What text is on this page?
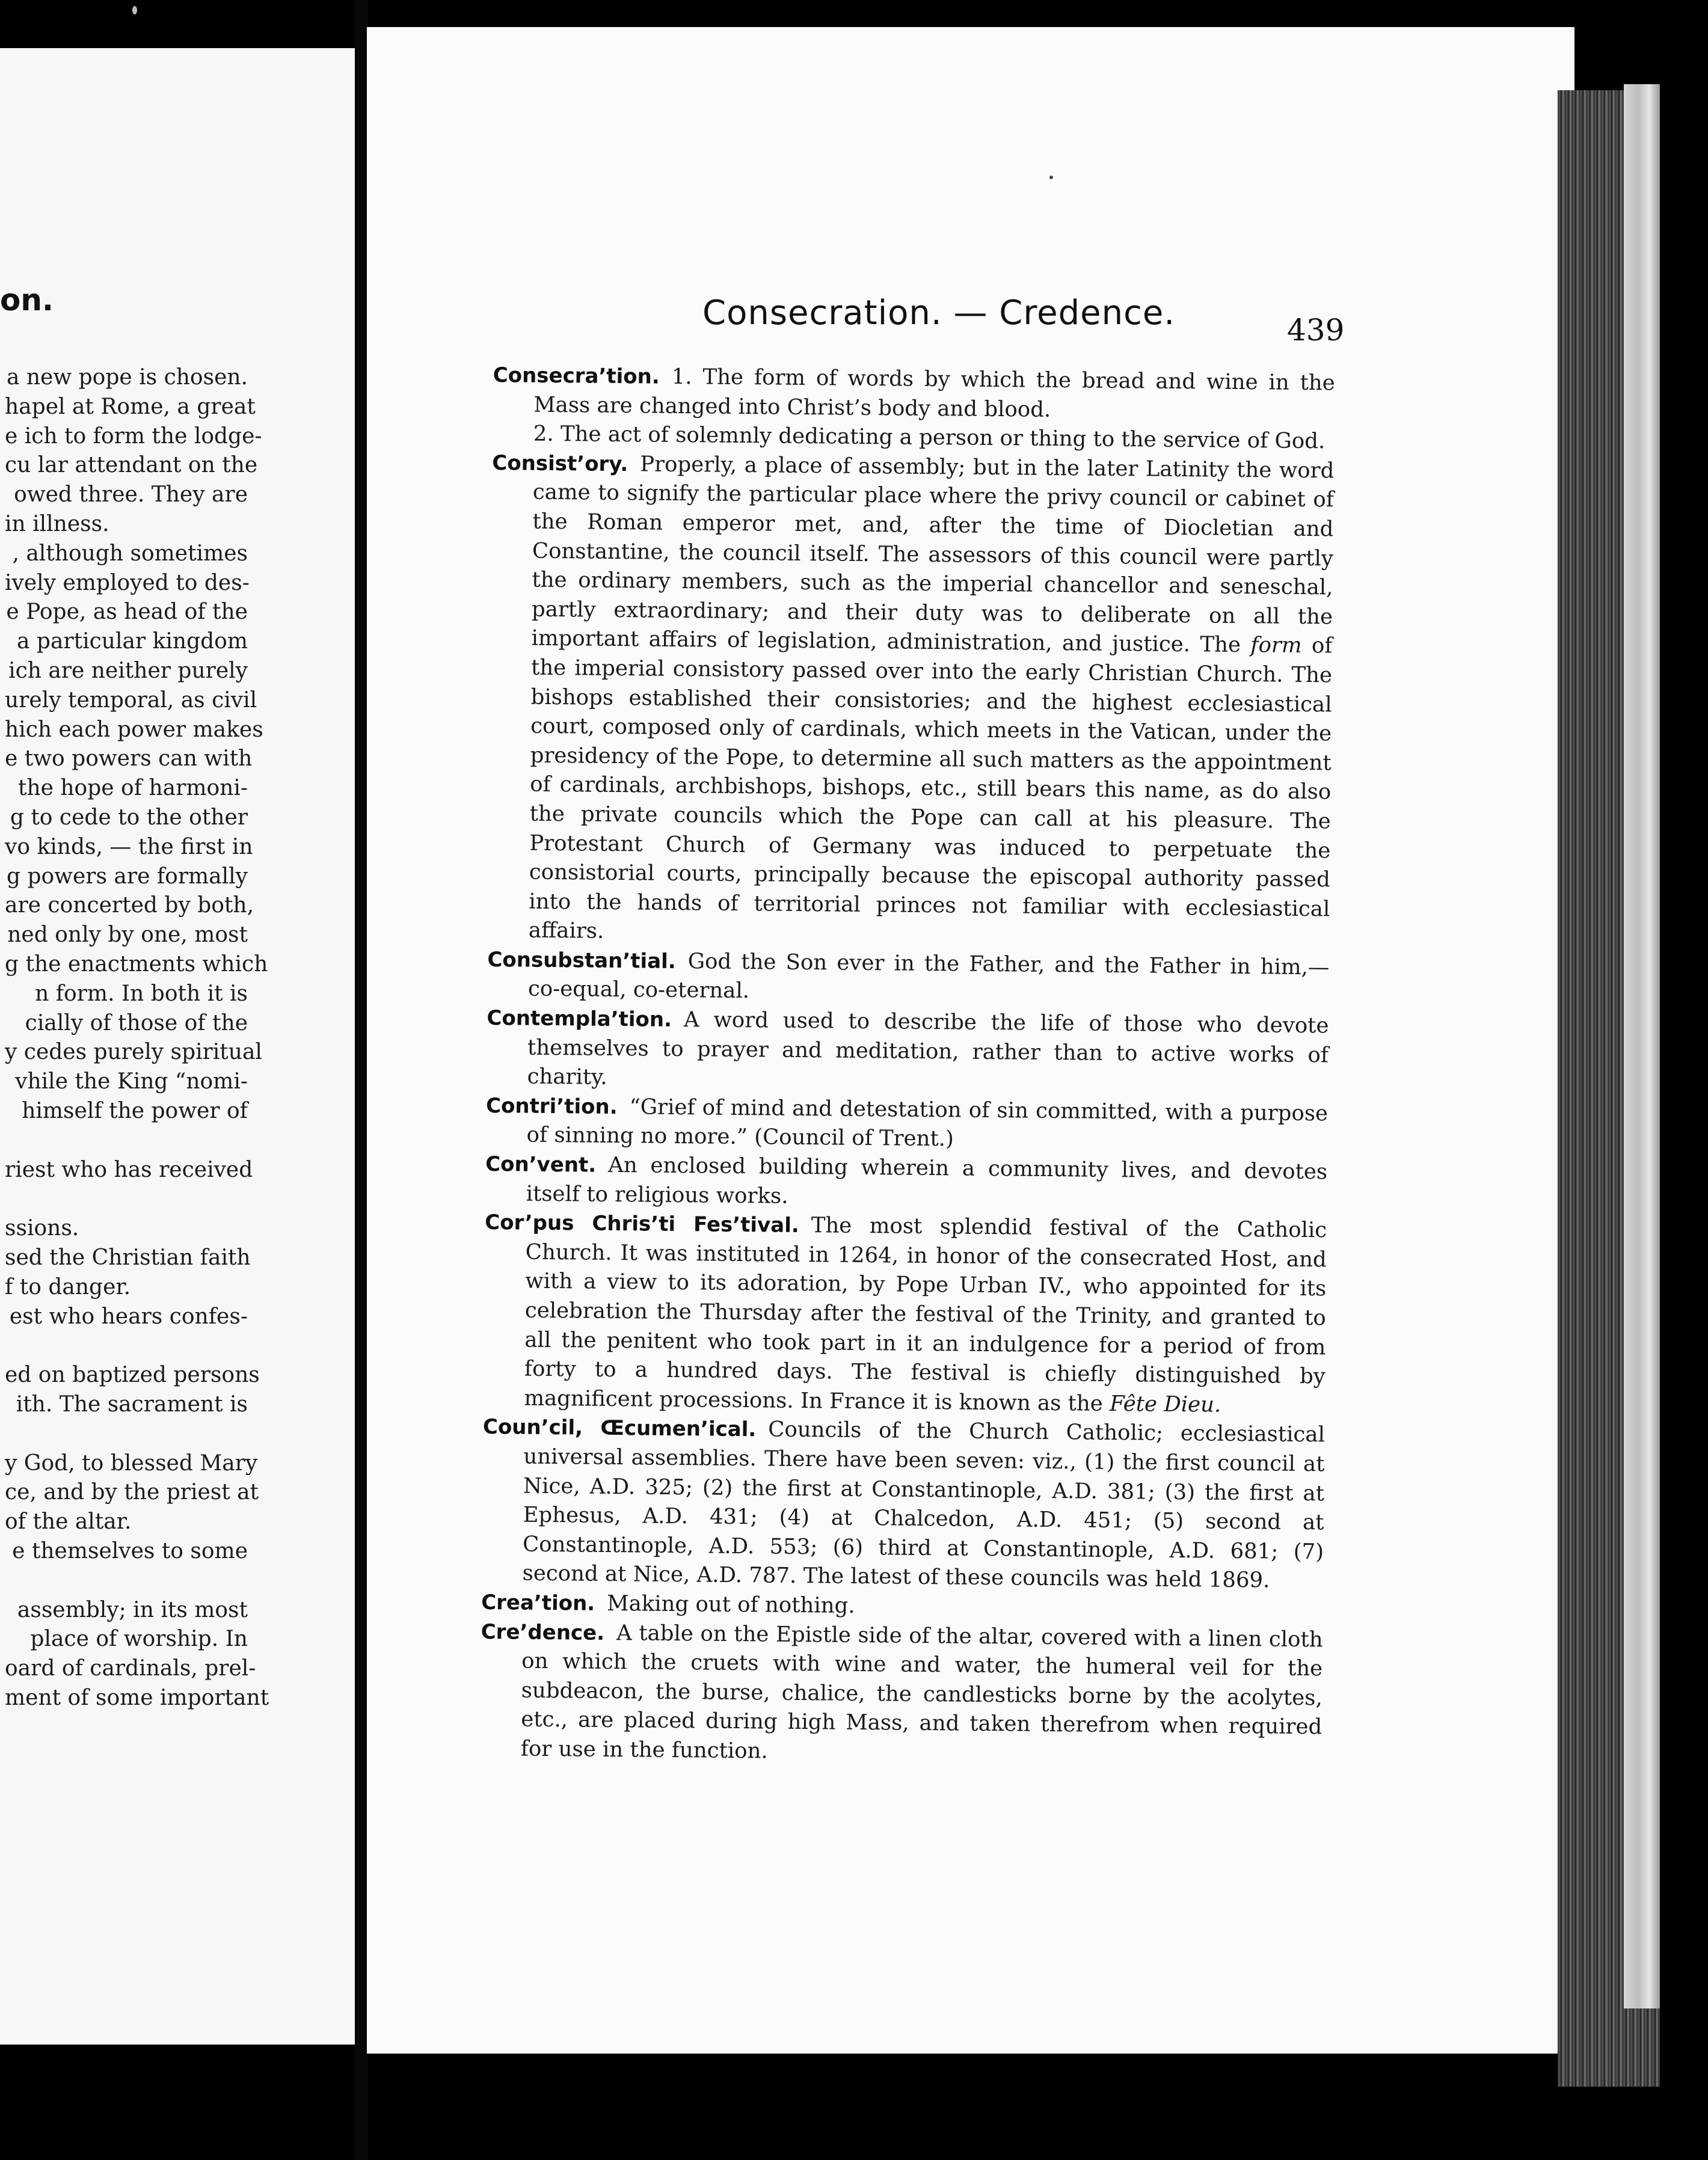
on.
a new pope is chosen.
hapel at Rome, a great
e ich to form the lodge-
cu lar attendant on the
owed three. They are
in illness.
, although sometimes
ively employed to des-
e Pope, as head of the
a particular kingdom
ich are neither purely
urely temporal, as civil
hich each power makes
e two powers can with
the hope of harmoni-
g to cede to the other
vo kinds, — the first in
g powers are formally
are concerted by both,
ned only by one, most
g the enactments which
n form. In both it is
cially of those of the
y cedes purely spiritual
vhile the King “nomi-
himself the power of
riest who has received
ssions.
sed the Christian faith
f to danger.
est who hears confes-
ed on baptized persons
ith. The sacrament is
y God, to blessed Mary
ce, and by the priest at
of the altar.
e themselves to some
assembly; in its most
place of worship. In
oard of cardinals, prel-
ment of some important
Consecration. — Credence.	439
Consecra’tion. 1. The form of words by which the bread and wine in the Mass are changed into Christ’s body and blood.
2. The act of solemnly dedicating a person or thing to the service of God.
Consist’ory. Properly, a place of assembly; but in the later Latinity the word came to signify the particular place where the privy council or cabinet of the Roman emperor met, and, after the time of Diocletian and Constantine, the council itself. The assessors of this council were partly the ordinary members, such as the imperial chancellor and seneschal, partly extraordinary; and their duty was to deliberate on all the important affairs of legislation, administration, and justice. The form of the imperial consistory passed over into the early Christian Church. The bishops established their consistories; and the highest ecclesiastical court, composed only of cardinals, which meets in the Vatican, under the presidency of the Pope, to determine all such matters as the appointment of cardinals, archbishops, bishops, etc., still bears this name, as do also the private councils which the Pope can call at his pleasure. The Protestant Church of Germany was induced to perpetuate the consistorial courts, principally because the episcopal authority passed into the hands of territorial princes not familiar with ecclesiastical affairs.
Consubstan’tial. God the Son ever in the Father, and the Father in him,— co-equal, co-eternal.
Contempla’tion. A word used to describe the life of those who devote themselves to prayer and meditation, rather than to active works of charity.
Contri’tion. “Grief of mind and detestation of sin committed, with a purpose of sinning no more.” (Council of Trent.)
Con’vent. An enclosed building wherein a community lives, and devotes itself to religious works.
Cor’pus Chris’ti Fes’tival. The most splendid festival of the Catholic Church. It was instituted in 1264, in honor of the consecrated Host, and with a view to its adoration, by Pope Urban IV., who appointed for its celebration the Thursday after the festival of the Trinity, and granted to all the penitent who took part in it an indulgence for a period of from forty to a hundred days. The festival is chiefly distinguished by magnificent processions. In France it is known as the Fête Dieu.
Coun’cil, Œcumen’ical. Councils of the Church Catholic; ecclesiastical universal assemblies. There have been seven: viz., (1) the first council at Nice, A.D. 325; (2) the first at Constantinople, A.D. 381; (3) the first at Ephesus, A.D. 431; (4) at Chalcedon, A.D. 451; (5) second at Constantinople, A.D. 553; (6) third at Constantinople, A.D. 681; (7) second at Nice, A.D. 787. The latest of these councils was held 1869.
Crea’tion. Making out of nothing.
Cre’dence. A table on the Epistle side of the altar, covered with a linen cloth on which the cruets with wine and water, the humeral veil for the subdeacon, the burse, chalice, the candlesticks borne by the acolytes, etc., are placed during high Mass, and taken therefrom when required for use in the function.
